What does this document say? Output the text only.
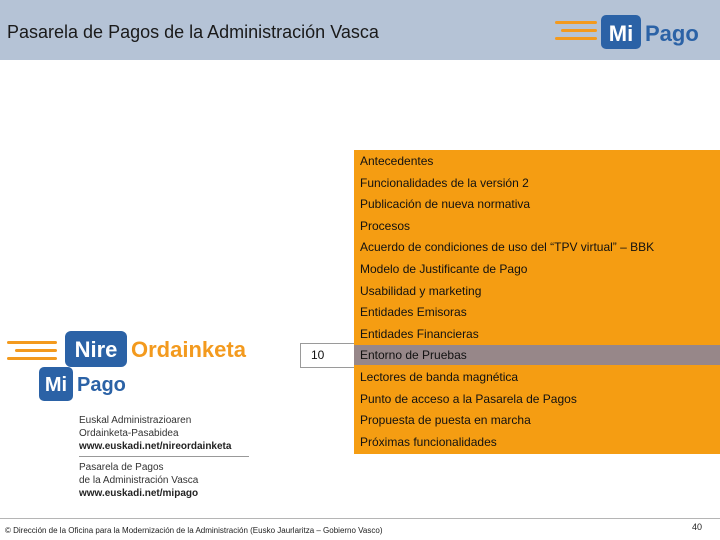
Pasarela de Pagos de la Administración Vasca	Mi Pago
Antecedentes
Funcionalidades de la versión 2
Publicación de nueva normativa
Procesos
Acuerdo de condiciones de uso del “TPV virtual” – BBK
Modelo de Justificante de Pago
Usabilidad y marketing
Entidades Emisoras
Entidades Financieras
Entorno de Pruebas
Lectores de banda magnética
Punto de acceso a la Pasarela de Pagos
Propuesta de puesta en marcha
Próximas funcionalidades
10
Nire Ordainketa
Mi Pago
Euskal Administrazioaren
Ordainketa-Pasabidea
www.euskadi.net/nireordainketa
Pasarela de Pagos
de la Administración Vasca
www.euskadi.net/mipago
© Dirección de la Oficina para la Modernización de la Administración (Eusko Jaurlaritza – Gobierno Vasco)	40
